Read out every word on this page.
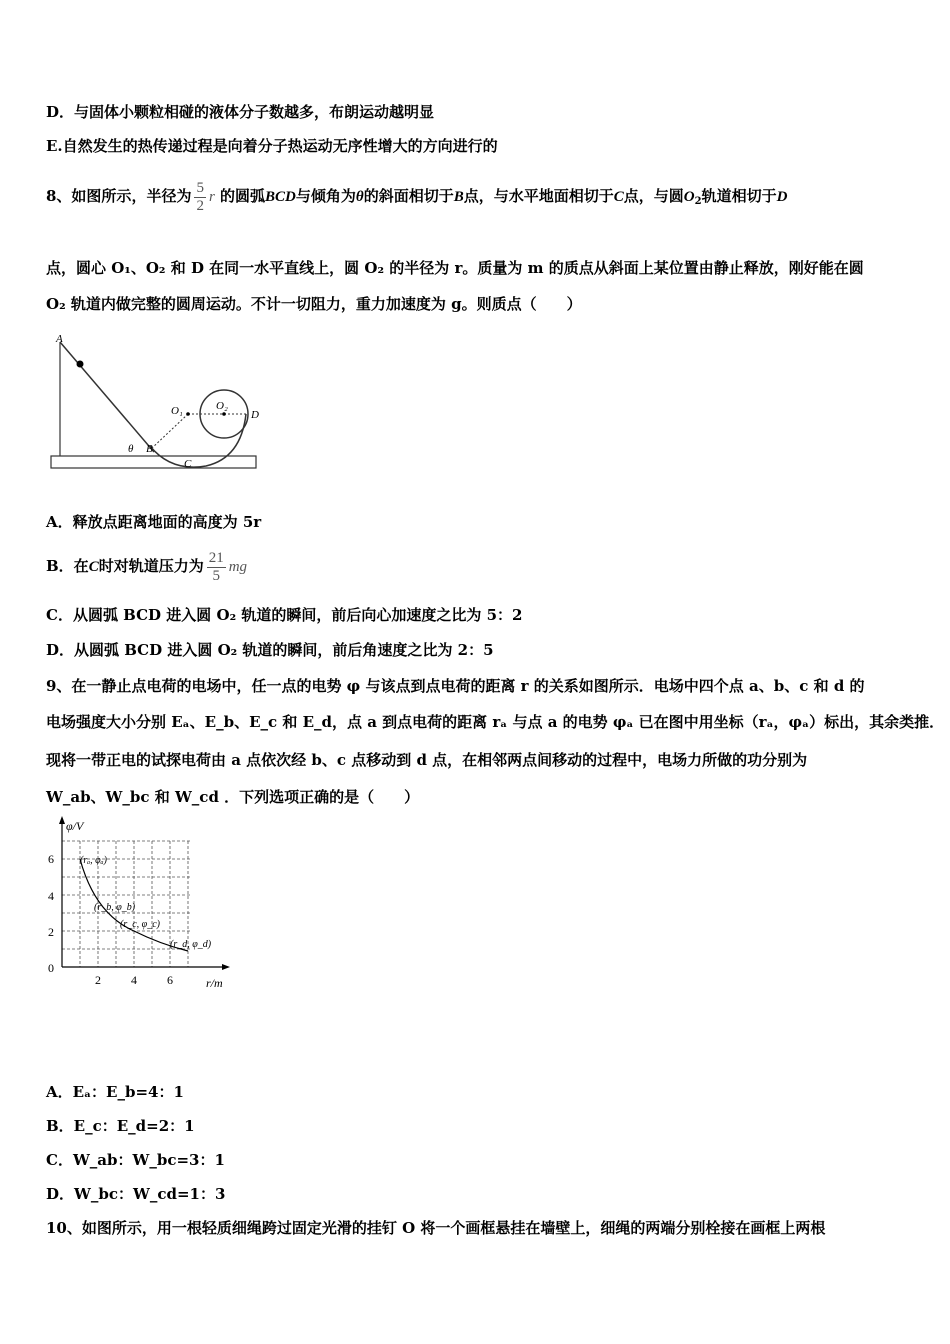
D．与固体小颗粒相碰的液体分子数越多，布朗运动越明显
E.自然发生的热传递过程是向着分子热运动无序性增大的方向进行的
8、如图所示，半径为 $\frac{5}{2}$ r 的圆弧BCD与倾角为θ的斜面相切于B点，与水平地面相切于C点，与圆$O_2$轨道相切于D
点，圆心 O₁、O₂ 和 D 在同一水平直线上，圆 O₂ 的半径为 r。质量为 m 的质点从斜面上某位置由静止释放，刚好能在圆
O₂ 轨道内做完整的圆周运动。不计一切阻力，重力加速度为 g。则质点（　　）
A
O₁	O₂
D
θ B
C
A．释放点距离地面的高度为 5r
B．在C时对轨道压力为 $\frac{21}{5}$ mg
C．从圆弧 BCD 进入圆 O₂ 轨道的瞬间，前后向心加速度之比为 5：2
D．从圆弧 BCD 进入圆 O₂ 轨道的瞬间，前后角速度之比为 2：5
9、在一静止点电荷的电场中，任一点的电势 φ 与该点到点电荷的距离 r 的关系如图所示．电场中四个点 a、b、c 和 d 的
电场强度大小分别 Eₐ、E_b、E_c 和 E_d，点 a 到点电荷的距离 rₐ 与点 a 的电势 φₐ 已在图中用坐标（rₐ，φₐ）标出，其余类推．
现将一带正电的试探电荷由 a 点依次经 b、c 点移动到 d 点，在相邻两点间移动的过程中，电场力所做的功分别为
W_ab、W_bc 和 W_cd ．下列选项正确的是（　　）
φ/V
r/m
6
4
2
0
2	4	6
(rₐ, φₐ)
(r_b, φ_b)
(r_c, φ_c)
(r_d, φ_d)
A．Eₐ：E_b=4：1
B．E_c：E_d=2：1
C．W_ab：W_bc=3：1
D．W_bc：W_cd=1：3
10、如图所示，用一根轻质细绳跨过固定光滑的挂钉 O 将一个画框悬挂在墙壁上，细绳的两端分别栓接在画框上两根
